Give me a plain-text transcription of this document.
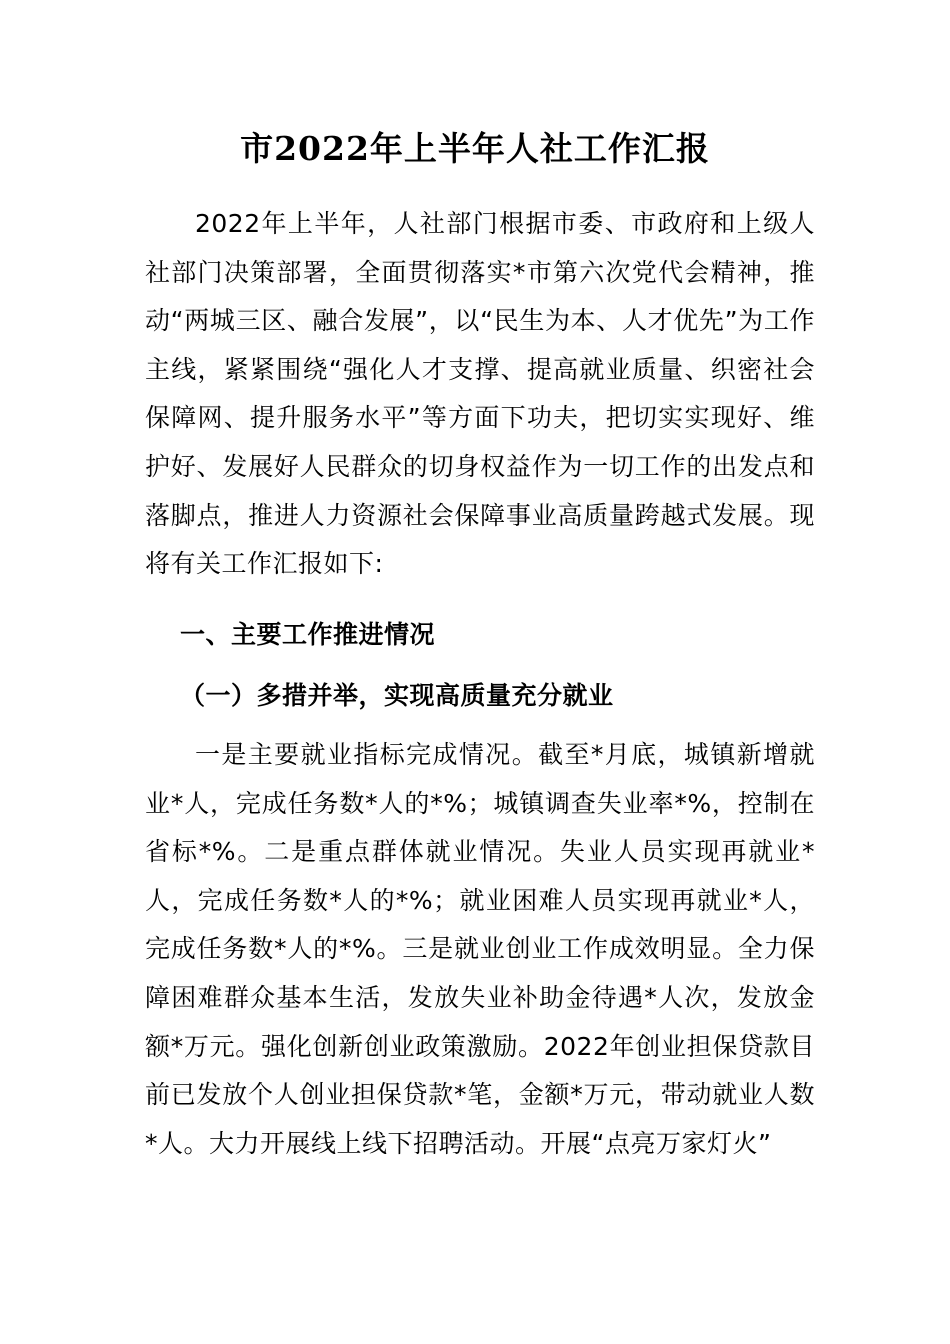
市2022年上半年人社工作汇报

2022年上半年，人社部门根据市委、市政府和上级人社部门决策部署，全面贯彻落实*市第六次党代会精神，推动“两城三区、融合发展”，以“民生为本、人才优先”为工作主线，紧紧围绕“强化人才支撑、提高就业质量、织密社会保障网、提升服务水平”等方面下功夫，把切实实现好、维护好、发展好人民群众的切身权益作为一切工作的出发点和落脚点，推进人力资源社会保障事业高质量跨越式发展。现将有关工作汇报如下:

一、主要工作推进情况
（一）多措并举，实现高质量充分就业

一是主要就业指标完成情况。截至*月底，城镇新增就业*人，完成任务数*人的*%；城镇调查失业率*%，控制在省标*%。二是重点群体就业情况。失业人员实现再就业*人，完成任务数*人的*%；就业困难人员实现再就业*人，完成任务数*人的*%。三是就业创业工作成效明显。全力保障困难群众基本生活，发放失业补助金待遇*人次，发放金额*万元。强化创新创业政策激励。2022年创业担保贷款目前已发放个人创业担保贷款*笔，金额*万元，带动就业人数*人。大力开展线上线下招聘活动。开展“点亮万家灯火”
